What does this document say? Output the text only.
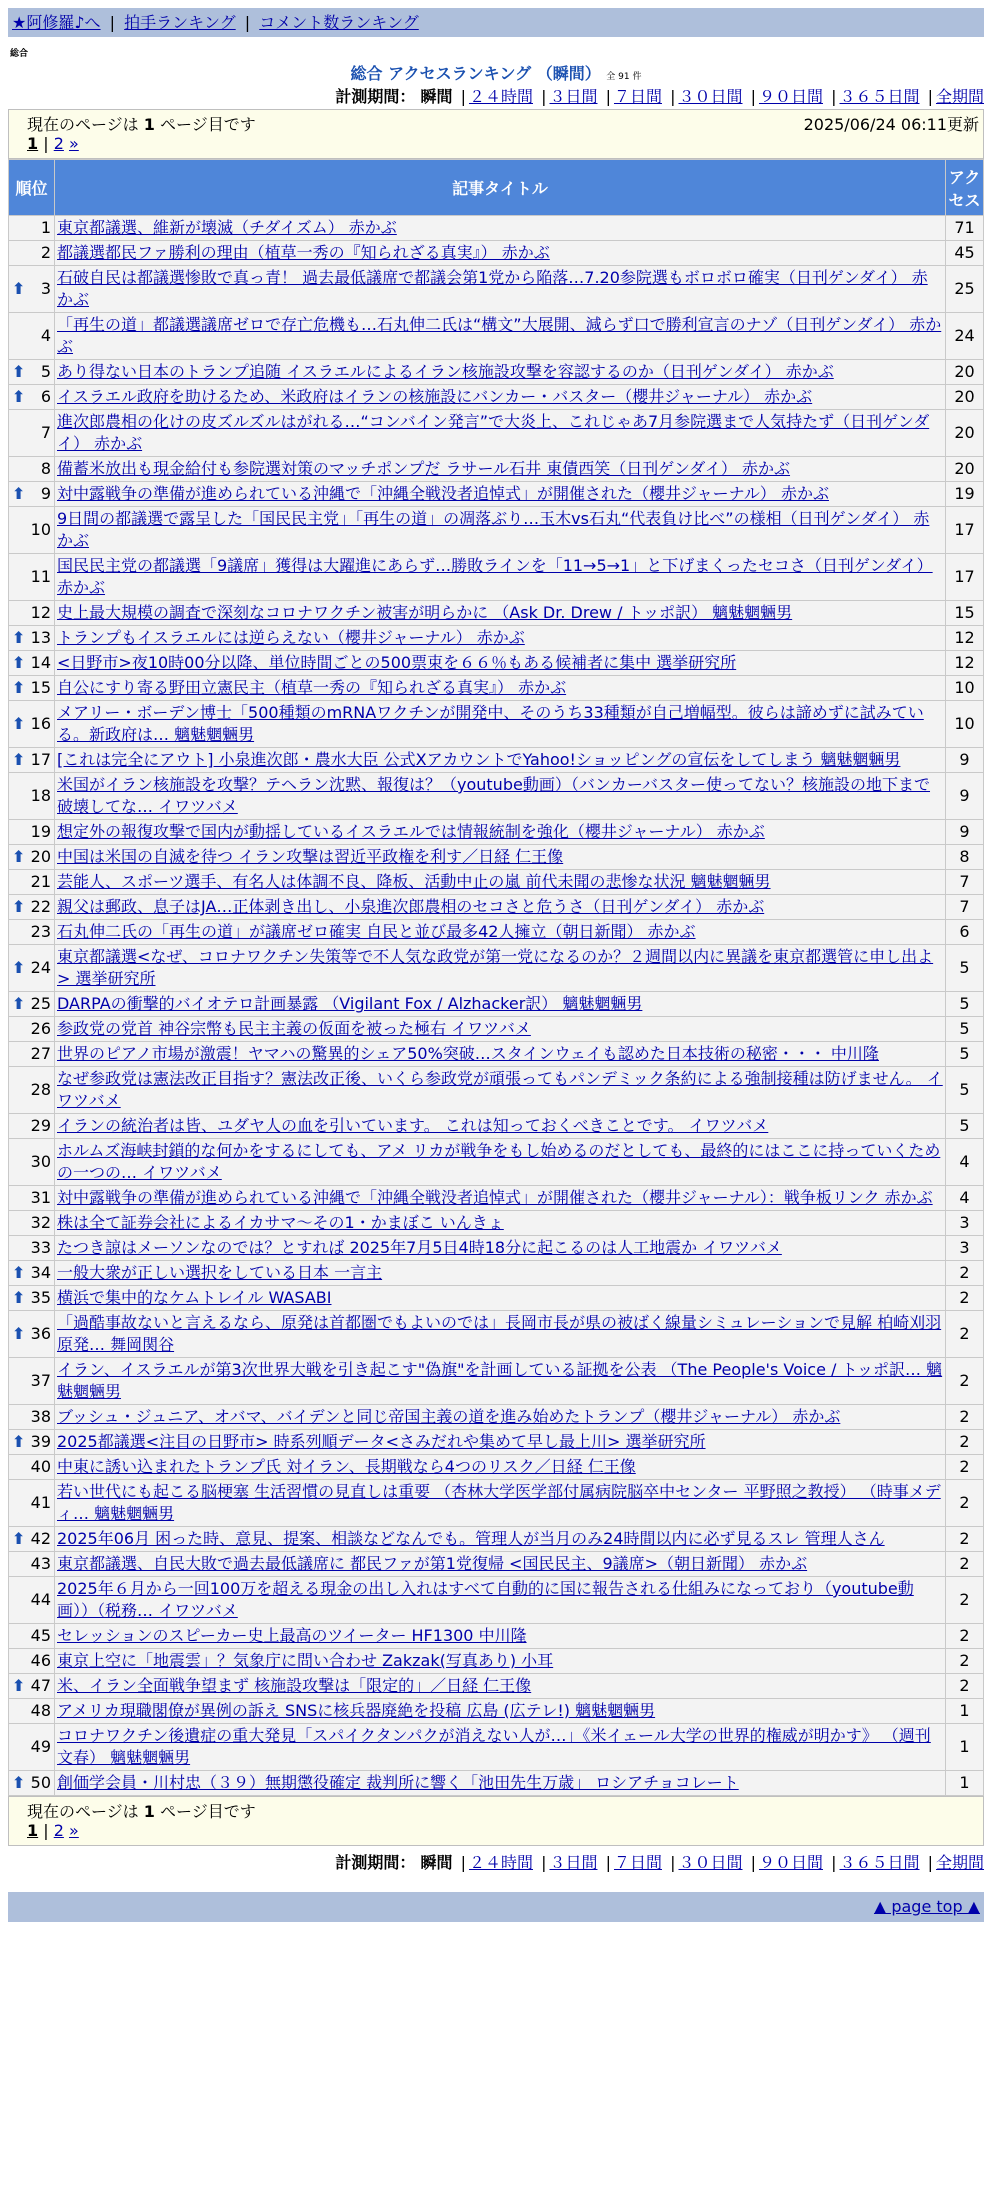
★阿修羅♪へ | 拍手ランキング | コメント数ランキング
総合
総合 アクセスランキング （瞬間） 全 91 件
計測期間： 瞬間 | ２４時間 | ３日間 | ７日間 | ３０日間 | ９０日間 | ３６５日間 | 全期間
現在のページは 1 ページ目です	2025/06/24 06:11更新
1 | 2 »
順位	記事タイトル	アクセス
1	東京都議選、維新が壊滅（チダイズム） 赤かぶ	71
2	都議選都民ファ勝利の理由（植草一秀の『知られざる真実』） 赤かぶ	45

⬆ 3	石破自民は都議選惨敗で真っ青！ 過去最低議席で都議会第1党から陥落…7.20参院選もボロボロ確実（日刊ゲンダイ） 赤かぶ	25
4	「再生の道」都議選議席ゼロで存亡危機も…石丸伸二氏は“構文”大展開、減らず口で勝利宣言のナゾ（日刊ゲンダイ） 赤かぶ	24

⬆ 5	あり得ない日本のトランプ追随 イスラエルによるイラン核施設攻撃を容認するのか（日刊ゲンダイ） 赤かぶ	20

⬆ 6	イスラエル政府を助けるため、米政府はイランの核施設にバンカー・バスター（櫻井ジャーナル） 赤かぶ	20
7	進次郎農相の化けの皮ズルズルはがれる…“コンバイン発言”で大炎上、これじゃあ7月参院選まで人気持たず（日刊ゲンダイ） 赤かぶ	20
8	備蓄米放出も現金給付も参院選対策のマッチポンプだ ラサール石井 東債西笑（日刊ゲンダイ） 赤かぶ	20

⬆ 9	対中露戦争の準備が進められている沖縄で「沖縄全戦没者追悼式」が開催された（櫻井ジャーナル） 赤かぶ	19
10	9日間の都議選で露呈した「国民民主党」「再生の道」の凋落ぶり…玉木vs石丸“代表負け比べ”の様相（日刊ゲンダイ） 赤かぶ	17
11	国民民主党の都議選「9議席」獲得は大躍進にあらず…勝敗ラインを「11→5→1」と下げまくったセコさ（日刊ゲンダイ） 赤かぶ	17
12	史上最大規模の調査で深刻なコロナワクチン被害が明らかに （Ask Dr. Drew / トッポ訳） 魑魅魍魎男	15

⬆ 13	トランプもイスラエルには逆らえない（櫻井ジャーナル） 赤かぶ	12

⬆ 14	<日野市>夜10時00分以降、単位時間ごとの500票束を６６％もある候補者に集中 選挙研究所	12

⬆ 15	自公にすり寄る野田立憲民主（植草一秀の『知られざる真実』） 赤かぶ	10

⬆ 16	メアリー・ボーデン博士「500種類のmRNAワクチンが開発中、そのうち33種類が自己増幅型。彼らは諦めずに試みている。新政府は… 魑魅魍魎男	10

⬆ 17	[これは完全にアウト] 小泉進次郎・農水大臣 公式XアカウントでYahoo!ショッピングの宣伝をしてしまう 魑魅魍魎男	9
18	米国がイラン核施設を攻撃？テヘラン沈黙、報復は？（youtube動画）（バンカーバスター使ってない？核施設の地下まで破壊してな… イワツバメ	9
19	想定外の報復攻撃で国内が動揺しているイスラエルでは情報統制を強化（櫻井ジャーナル） 赤かぶ	9

⬆ 20	中国は米国の自滅を待つ イラン攻撃は習近平政権を利す／日経 仁王像	8
21	芸能人、スポーツ選手、有名人は体調不良、降板、活動中止の嵐 前代未聞の悲惨な状況 魑魅魍魎男	7

⬆ 22	親父は郵政、息子はJA…正体剥き出し、小泉進次郎農相のセコさと危うさ（日刊ゲンダイ） 赤かぶ	7
23	石丸伸二氏の「再生の道」が議席ゼロ確実 自民と並び最多42人擁立（朝日新聞） 赤かぶ	6

⬆ 24	東京都議選<なぜ、コロナワクチン失策等で不人気な政党が第一党になるのか？２週間以内に異議を東京都選管に申し出よ> 選挙研究所	5

⬆ 25	DARPAの衝撃的バイオテロ計画暴露 （Vigilant Fox / Alzhacker訳） 魑魅魍魎男	5
26	参政党の党首 神谷宗幣も民主主義の仮面を被った極右 イワツバメ	5
27	世界のピアノ市場が激震！ヤマハの驚異的シェア50%突破…スタインウェイも認めた日本技術の秘密・・・ 中川隆	5
28	なぜ参政党は憲法改正目指す？憲法改正後、いくら参政党が頑張ってもパンデミック条約による強制接種は防げません。 イワツバメ	5
29	イランの統治者は皆、ユダヤ人の血を引いています。 これは知っておくべきことです。 イワツバメ	5
30	ホルムズ海峡封鎖的な何かをするにしても、アメ リカが戦争をもし始めるのだとしても、最終的にはここに持っていくための一つの… イワツバメ	4
31	対中露戦争の準備が進められている沖縄で「沖縄全戦没者追悼式」が開催された（櫻井ジャーナル）：戦争板リンク 赤かぶ	4
32	株は全て証券会社によるイカサマ〜その1・かまぼこ いんきょ	3
33	たつき諒はメーソンなのでは？とすれば 2025年7月5日4時18分に起こるのは人工地震か イワツバメ	3

⬆ 34	一般大衆が正しい選択をしている日本 一言主	2

⬆ 35	横浜で集中的なケムトレイル WASABI	2

⬆ 36	「過酷事故ないと言えるなら、原発は首都圏でもよいのでは」長岡市長が県の被ばく線量シミュレーションで見解 柏崎刈羽原発… 舞岡関谷	2
37	イラン、イスラエルが第3次世界大戦を引き起こす"偽旗"を計画している証拠を公表 （The People's Voice / トッポ訳… 魑魅魍魎男	2
38	ブッシュ・ジュニア、オバマ、バイデンと同じ帝国主義の道を進み始めたトランプ（櫻井ジャーナル） 赤かぶ	2

⬆ 39	2025都議選<注目の日野市> 時系列順データ<さみだれや集めて早し最上川> 選挙研究所	2
40	中東に誘い込まれたトランプ氏 対イラン、長期戦なら4つのリスク／日経 仁王像	2
41	若い世代にも起こる脳梗塞 生活習慣の見直しは重要 （杏林大学医学部付属病院脳卒中センター 平野照之教授） （時事メディ… 魑魅魍魎男	2

⬆ 42	2025年06月 困った時、意見、提案、相談などなんでも。管理人が当月のみ24時間以内に必ず見るスレ 管理人さん	2
43	東京都議選、自民大敗で過去最低議席に 都民ファが第1党復帰 <国民民主、9議席>（朝日新聞） 赤かぶ	2
44	2025年６月から一回100万を超える現金の出し入れはすべて自動的に国に報告される仕組みになっており（youtube動画））（税務… イワツバメ	2
45	セレッションのスピーカー史上最高のツイーター HF1300 中川隆	2
46	東京上空に「地震雲」？気象庁に問い合わせ Zakzak(写真あり) 小耳	2

⬆ 47	米、イラン全面戦争望まず 核施設攻撃は「限定的」／日経 仁王像	2
48	アメリカ現職閣僚が異例の訴え SNSに核兵器廃絶を投稿 広島 (広テレ!) 魑魅魍魎男	1
49	コロナワクチン後遺症の重大発見「スパイクタンパクが消えない人が…」《米イェール大学の世界的権威が明かす》 （週刊文春） 魑魅魍魎男	1

⬆ 50	創価学会員・川村忠（３９）無期懲役確定 裁判所に響く「池田先生万歳」 ロシアチョコレート	1
現在のページは 1 ページ目です
1 | 2 »
計測期間： 瞬間 | ２４時間 | ３日間 | ７日間 | ３０日間 | ９０日間 | ３６５日間 | 全期間
▲ page top ▲
